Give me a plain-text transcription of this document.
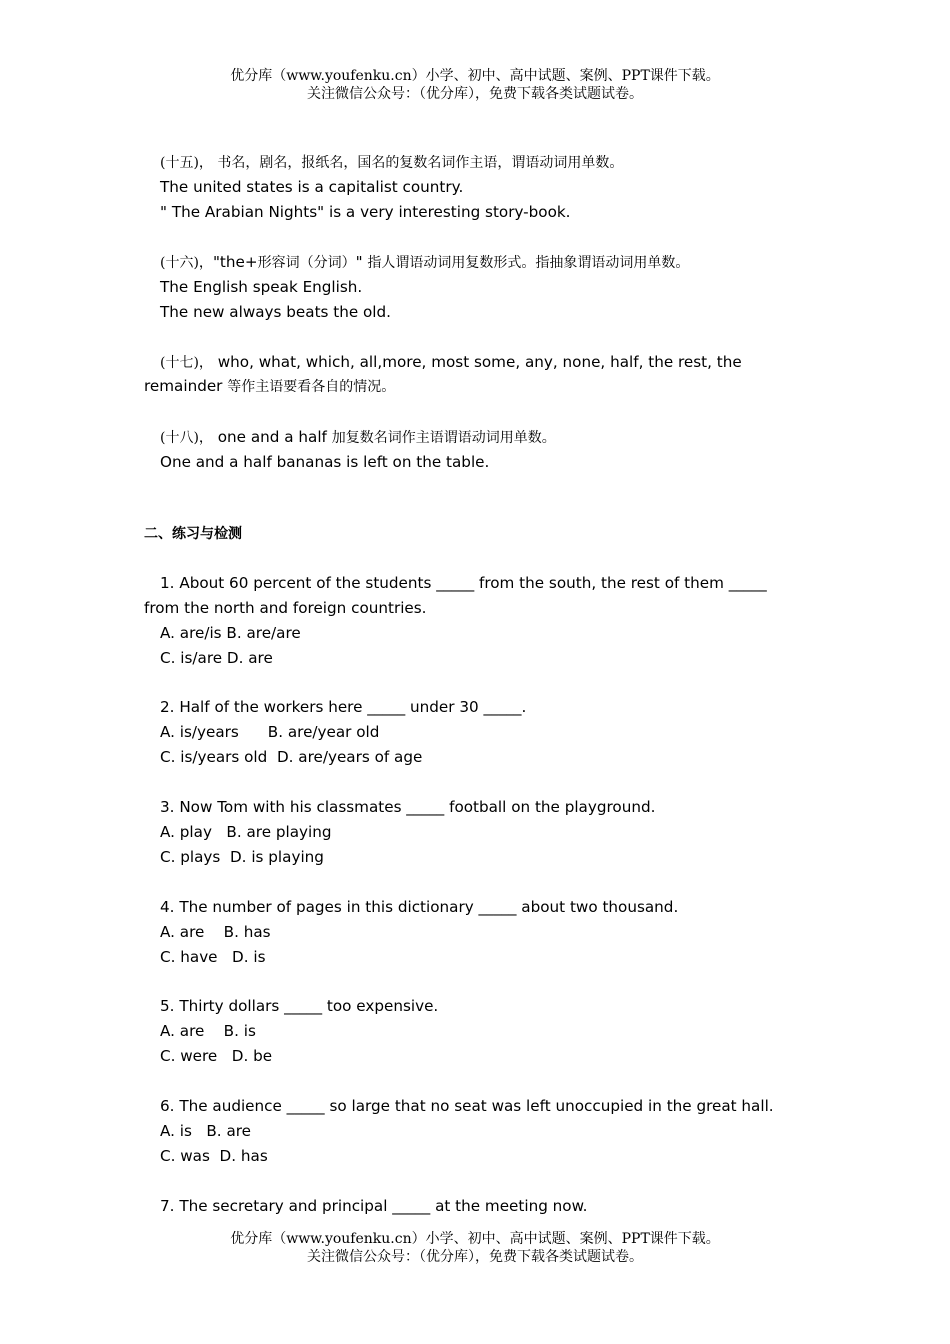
优分库（www.youfenku.cn）小学、初中、高中试题、案例、PPT课件下载。
关注微信公众号：（优分库），免费下载各类试题试卷。
(十五)， 书名，剧名，报纸名，国名的复数名词作主语，谓语动词用单数。
The united states is a capitalist country.
" The Arabian Nights" is a very interesting story-book.
(十六)，"the+形容词（分词）" 指人谓语动词用复数形式。指抽象谓语动词用单数。
The English speak English.
The new always beats the old.
(十七)， who, what, which, all,more, most some, any, none, half, the rest, the
remainder 等作主语要看各自的情况。
(十八)， one and a half 加复数名词作主语谓语动词用单数。
One and a half bananas is left on the table.
二、练习与检测
1. About 60 percent of the students _____ from the south, the rest of them _____
from the north and foreign countries.
A. are/is B. are/are
C. is/are D. are
2. Half of the workers here _____ under 30 _____.
A. is/years      B. are/year old
C. is/years old  D. are/years of age
3. Now Tom with his classmates _____ football on the playground.
A. play   B. are playing
C. plays  D. is playing
4. The number of pages in this dictionary _____ about two thousand.
A. are    B. has
C. have   D. is
5. Thirty dollars _____ too expensive.
A. are    B. is
C. were   D. be
6. The audience _____ so large that no seat was left unoccupied in the great hall.
A. is   B. are
C. was  D. has
7. The secretary and principal _____ at the meeting now.
优分库（www.youfenku.cn）小学、初中、高中试题、案例、PPT课件下载。
关注微信公众号：（优分库），免费下载各类试题试卷。
